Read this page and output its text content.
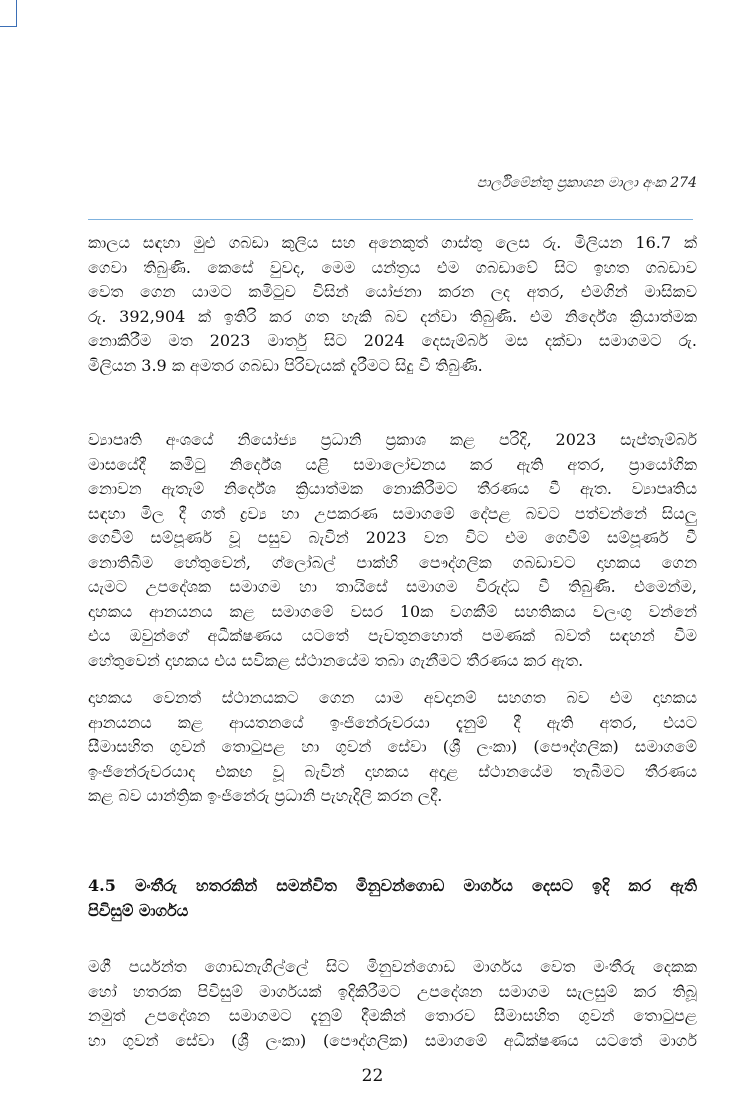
පාර්ලිමේන්තු ප්‍රකාශන මාලා අංක 274
කාලය සඳහා මුළු ගබඩා කුලිය සහ අනෙකුත් ගාස්තු ලෙස රු. මිලියන 16.7 ක්
ගෙවා තිබුණි. කෙසේ වුවද, මෙම යන්ත්‍රය එම ගබඩාවේ සිට ඉහත ගබඩාව
වෙත ගෙන යාමට කමිටුව විසින් යෝජනා කරන ලද අතර, එමගින් මාසිකව
රු. 392,904 ක් ඉතිරි කර ගත හැකි බව දන්වා තිබුණි. එම නිර්දේශ ක්‍රියාත්මක
නොකිරීම මත 2023 මාර්තු සිට 2024 දෙසැම්බර් මස දක්වා සමාගමට රු.
මිලියන 3.9 ක අමතර ගබඩා පිරිවැයක් දැරීමට සිදු වී තිබුණි.
ව්‍යාපෘති අංශයේ නියෝජ්‍ය ප්‍රධානි ප්‍රකාශ කළ පරිදි, 2023 සැප්තැම්බර්
මාසයේදී කමිටු නිර්දේශ යළි සමාලෝචනය කර ඇති අතර, ප්‍රායෝගික
නොවන ඇතැම් නිර්දේශ ක්‍රියාත්මක නොකිරීමට තීරණය වී ඇත. ව්‍යාපෘතිය
සඳහා මිල දී ගත් ද්‍රව්‍ය හා උපකරණ සමාගමේ දේපළ බවට පත්වන්නේ සියලු
ගෙවීම් සම්පූර්ණ වූ පසුව බැවින් 2023 වන විට එම ගෙවීම් සම්පූර්ණ වී
නොතිබීම හේතුවෙන්, ග්ලෝබල් පාක්හි පෞද්ගලික ගබඩාවට දාහකය ගෙන
යැමට උපදේශක සමාගම හා තායිසේ සමාගම විරුද්ධ වී තිබුණි. එමෙන්ම,
දාහකය ආනයනය කළ සමාගමේ වසර 10ක වගකීම් සහතිකය වලංගු වන්නේ
එය ඔවුන්ගේ අධීක්ෂණය යටතේ පැවතුනහොත් පමණක් බවත් සඳහන් වීම
හේතුවෙන් දාහකය එය සවිකළ ස්ථානයේම තබා ගැනීමට තීරණය කර ඇත.
දාහකය වෙනත් ස්ථානයකට ගෙන යාම අවදානම් සහගත බව එම දාහකය
ආනයනය කළ ආයතනයේ ඉංජිනේරුවරයා දැනුම් දී ඇති අතර, එයට
සීමාසහිත ගුවන් තොටුපළ හා ගුවන් සේවා (ශ්‍රී ලංකා) (පෞද්ගලික) සමාගමේ
ඉංජිනේරුවරයාද එකඟ වූ බැවින් දාහකය අදාළ ස්ථානයේම තැබීමට තීරණය
කළ බව යාන්ත්‍රික ඉංජිනේරු ප්‍රධානි පැහැදිලි කරන ලදී.
4.5 මංතීරු හතරකින් සමන්විත මිනුවන්ගොඩ මාර්ගය දෙසට ඉදි කර ඇති
පිවිසුම් මාර්ගය
මගී පර්යන්ත ගොඩනැගිල්ලේ සිට මිනුවන්ගොඩ මාර්ගය වෙත මංතීරු දෙකක
හෝ හතරක පිවිසුම් මාර්ගයක් ඉදිකිරීමට උපදේශන සමාගම සැලසුම් කර තිබූ
නමුත් උපදේශන සමාගමට දැනුම් දීමකින් තොරව සීමාසහිත ගුවන් තොටුපළ
හා ගුවන් සේවා (ශ්‍රී ලංකා) (පෞද්ගලික) සමාගමේ අධීක්ෂණය යටතේ මාර්ග
22
